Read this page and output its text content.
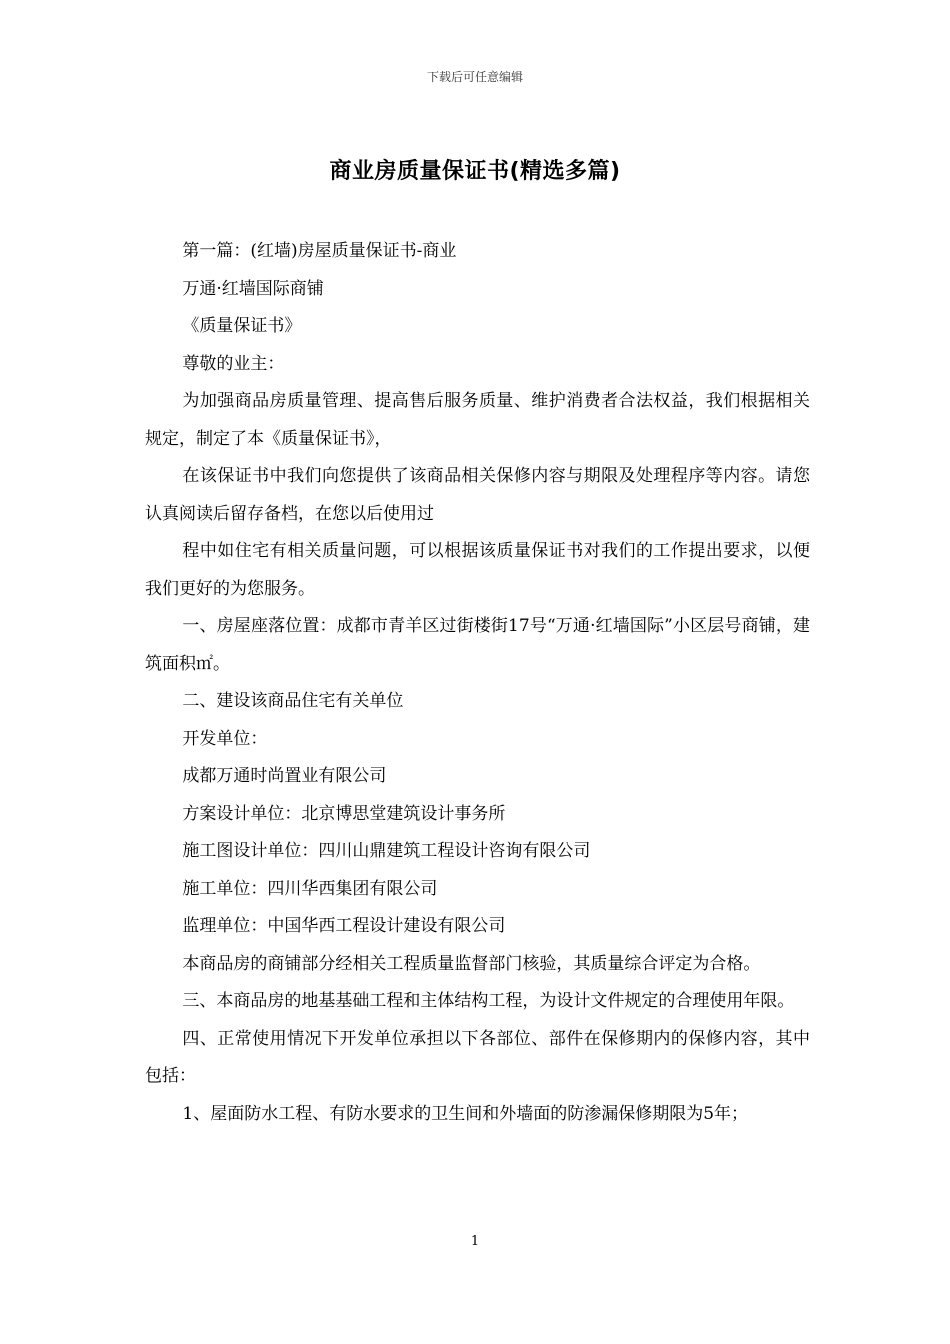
下载后可任意编辑
商业房质量保证书(精选多篇)

第一篇：(红墙)房屋质量保证书-商业

万通·红墙国际商铺

《质量保证书》

尊敬的业主：

为加强商品房质量管理、提高售后服务质量、维护消费者合法权益，我们根据相关规定，制定了本《质量保证书》，

在该保证书中我们向您提供了该商品相关保修内容与期限及处理程序等内容。请您认真阅读后留存备档，在您以后使用过

程中如住宅有相关质量问题，可以根据该质量保证书对我们的工作提出要求，以便我们更好的为您服务。

一、房屋座落位置：成都市青羊区过街楼街17号“万通·红墙国际”小区层号商铺，建筑面积㎡。

二、建设该商品住宅有关单位

开发单位：

成都万通时尚置业有限公司

方案设计单位：北京博思堂建筑设计事务所

施工图设计单位：四川山鼎建筑工程设计咨询有限公司

施工单位：四川华西集团有限公司

监理单位：中国华西工程设计建设有限公司

本商品房的商铺部分经相关工程质量监督部门核验，其质量综合评定为合格。

三、本商品房的地基基础工程和主体结构工程，为设计文件规定的合理使用年限。

四、正常使用情况下开发单位承担以下各部位、部件在保修期内的保修内容，其中包括：

1、屋面防水工程、有防水要求的卫生间和外墙面的防渗漏保修期限为5年；

1
